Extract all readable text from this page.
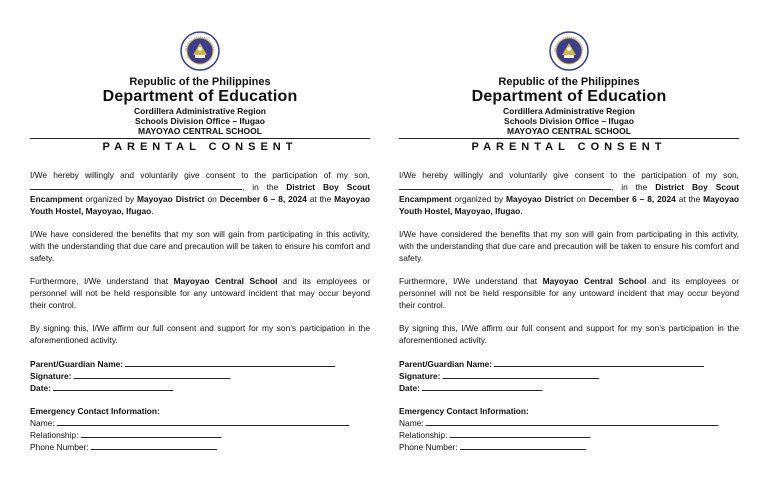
Republic of the Philippines
Department of Education
Cordillera Administrative Region
Schools Division Office – Ifugao
MAYOYAO CENTRAL SCHOOL
PARENTAL CONSENT

I/We hereby willingly and voluntarily give consent to the participation of my son, , in the District Boy Scout Encampment organized by Mayoyao District on December 6 – 8, 2024 at the Mayoyao Youth Hostel, Mayoyao, Ifugao.

I/We have considered the benefits that my son will gain from participating in this activity, with the understanding that due care and precaution will be taken to ensure his comfort and safety.

Furthermore, I/We understand that Mayoyao Central School and its employees or personnel will not be held responsible for any untoward incident that may occur beyond their control.

By signing this, I/We affirm our full consent and support for my son’s participation in the aforementioned activity.

Parent/Guardian Name:
Signature:
Date:
Emergency Contact Information:
Name:
Relationship:
Phone Number:
Republic of the Philippines
Department of Education
Cordillera Administrative Region
Schools Division Office – Ifugao
MAYOYAO CENTRAL SCHOOL
PARENTAL CONSENT

I/We hereby willingly and voluntarily give consent to the participation of my son, , in the District Boy Scout Encampment organized by Mayoyao District on December 6 – 8, 2024 at the Mayoyao Youth Hostel, Mayoyao, Ifugao.

I/We have considered the benefits that my son will gain from participating in this activity, with the understanding that due care and precaution will be taken to ensure his comfort and safety.

Furthermore, I/We understand that Mayoyao Central School and its employees or personnel will not be held responsible for any untoward incident that may occur beyond their control.

By signing this, I/We affirm our full consent and support for my son’s participation in the aforementioned activity.

Parent/Guardian Name:
Signature:
Date:
Emergency Contact Information:
Name:
Relationship:
Phone Number:
